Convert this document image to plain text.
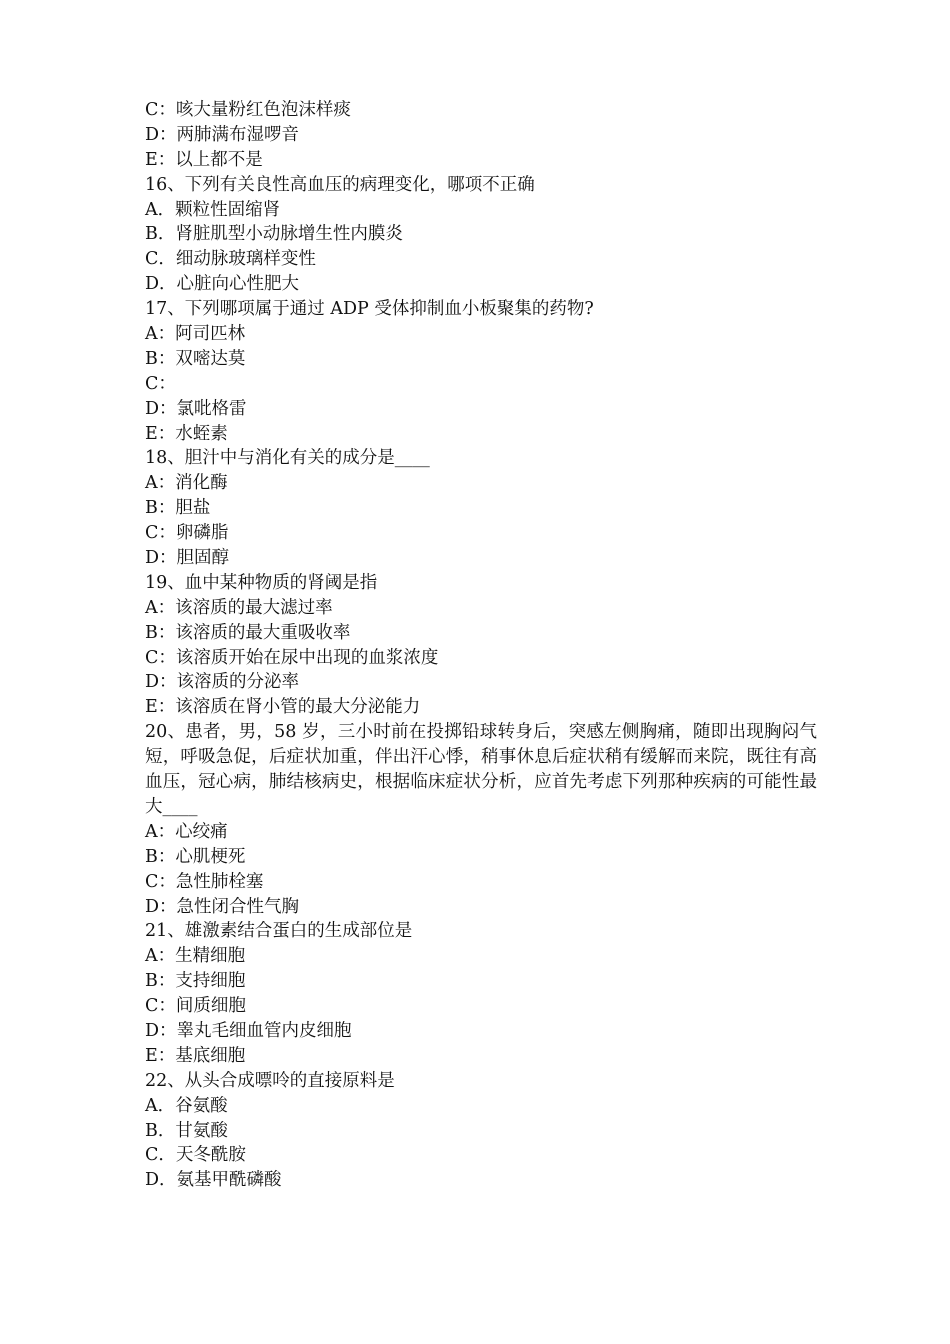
C：咳大量粉红色泡沫样痰
D：两肺满布湿啰音
E：以上都不是
16、下列有关良性高血压的病理变化，哪项不正确
A．颗粒性固缩肾
B．肾脏肌型小动脉增生性内膜炎
C．细动脉玻璃样变性
D．心脏向心性肥大
17、下列哪项属于通过 ADP 受体抑制血小板聚集的药物?
A：阿司匹林
B：双嘧达莫
C：
D：氯吡格雷
E：水蛭素
18、胆汁中与消化有关的成分是____
A：消化酶
B：胆盐
C：卵磷脂
D：胆固醇
19、血中某种物质的肾阈是指
A：该溶质的最大滤过率
B：该溶质的最大重吸收率
C：该溶质开始在尿中出现的血浆浓度
D：该溶质的分泌率
E：该溶质在肾小管的最大分泌能力
20、患者，男，58 岁，三小时前在投掷铅球转身后，突感左侧胸痛，随即出现胸闷气短，呼吸急促，后症状加重，伴出汗心悸，稍事休息后症状稍有缓解而来院，既往有高血压，冠心病，肺结核病史，根据临床症状分析，应首先考虑下列那种疾病的可能性最大____
A：心绞痛
B：心肌梗死
C：急性肺栓塞
D：急性闭合性气胸
21、雄激素结合蛋白的生成部位是
A：生精细胞
B：支持细胞
C：间质细胞
D：睾丸毛细血管内皮细胞
E：基底细胞
22、从头合成嘌呤的直接原料是
A．谷氨酸
B．甘氨酸
C．天冬酰胺
D．氨基甲酰磷酸
